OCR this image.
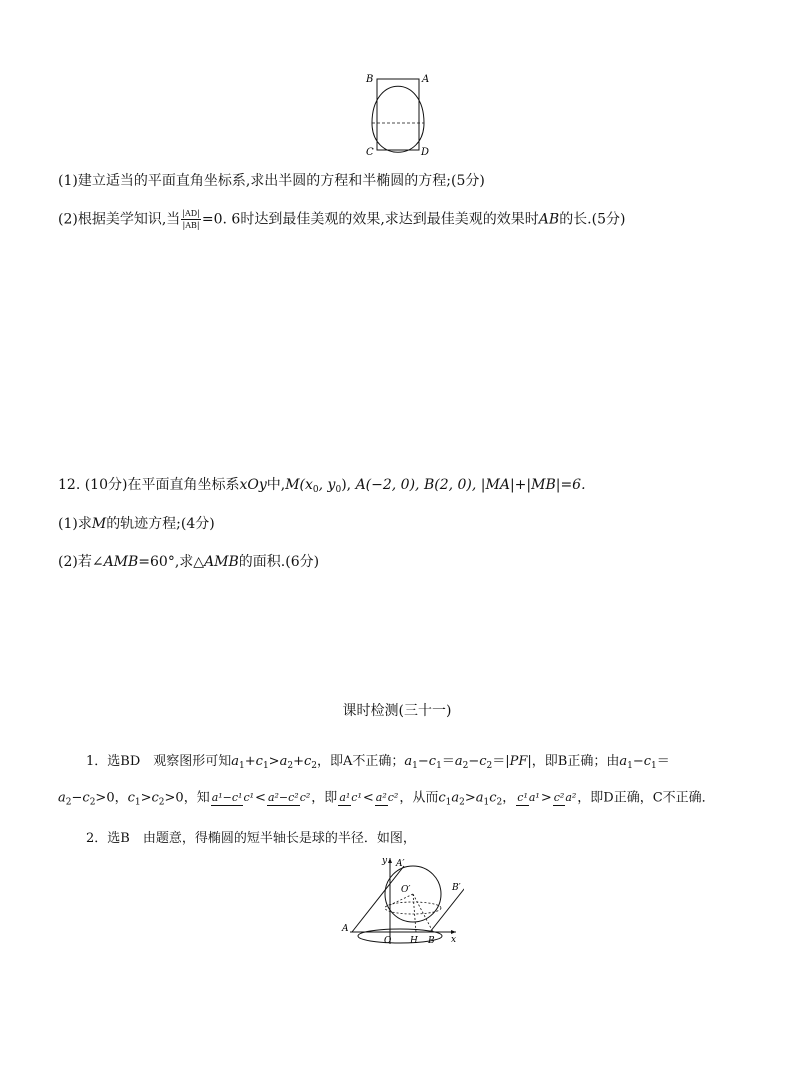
B	A
C	D
(1)建立适当的平面直角坐标系,求出半圆的方程和半椭圆的方程;(5分)
(2)根据美学知识,当 $\frac{|AD|}{|AB|} =0$. 6时达到最佳美观的效果,求达到最佳美观的效果时AB的长.(5分)
12. (10分)在平面直角坐标系xOy中$,M(x_0$, $y_0$), A(−2, 0), B(2, 0), |MA|+|MB|=6.
(1)求M的轨迹方程;(4分)
(2)若∠AMB=60°,求△AMB的面积.(6分)
课时检测(三十一)
1．选BD　观察图形可知$a_1+c_1>a_2+c_2$，即A不正确；$a_1-c_1=a_2-c_2=|PF|$，即B正确；由$a_1-c_1=$
$a_2-c_2>0$，$c_1>c_2>0$，知 a¹−c¹c¹< a²−c²c²，即 a¹c¹< a²c²，从而$c_1a_2>a_1c_2$， c¹a¹> c²a²，即D正确，C不正确．
2．选B　由题意，得椭圆的短半轴长是球的半径．如图，
y A′
B′
O′
A
O H B x
